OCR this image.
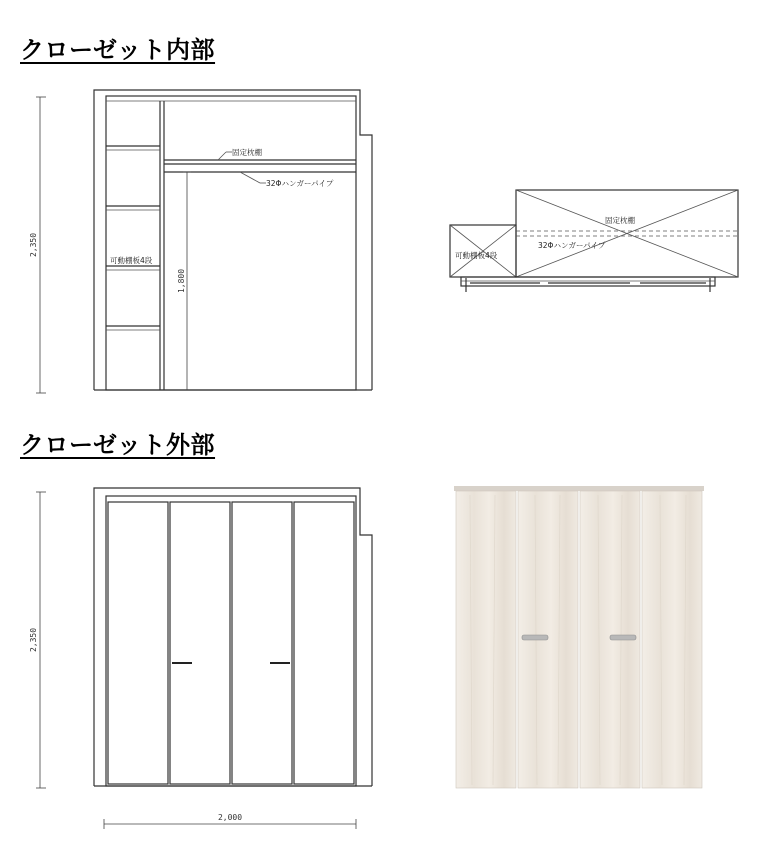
クローゼット内部
クローゼット外部
2,350
可動棚板4段
固定枕棚
32Φハンガーパイプ
1,800
固定枕棚
32Φハンガーパイプ
可動棚板4段
2,350
2,000
